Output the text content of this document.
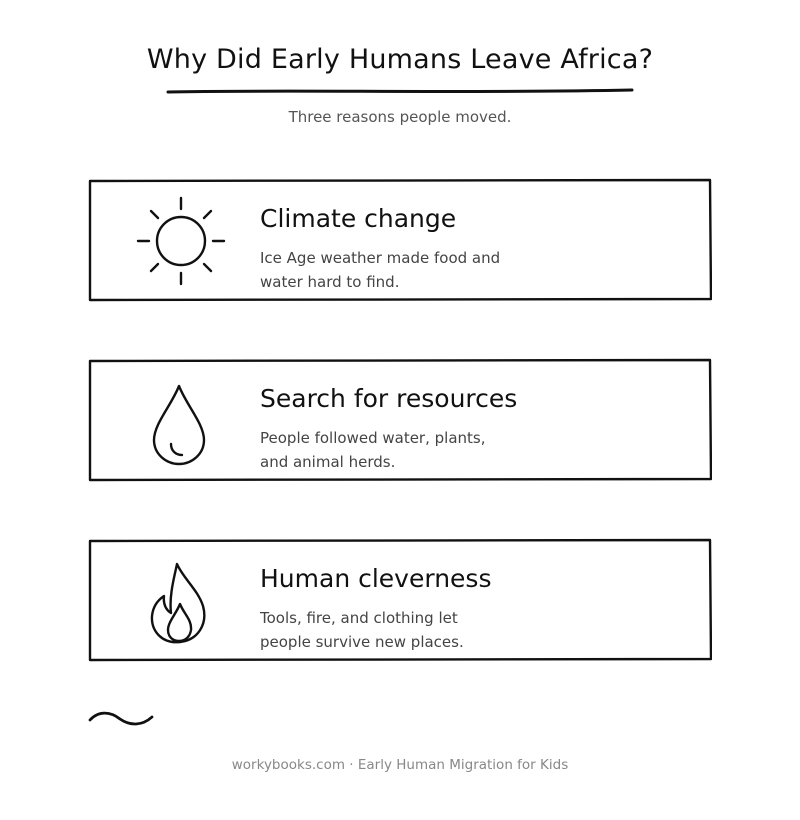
Why Did Early Humans Leave Africa?
Three reasons people moved.
Climate change
Ice Age weather made food and
water hard to find.
Search for resources
People followed water, plants,
and animal herds.
Human cleverness
Tools, fire, and clothing let
people survive new places.
workybooks.com · Early Human Migration for Kids
